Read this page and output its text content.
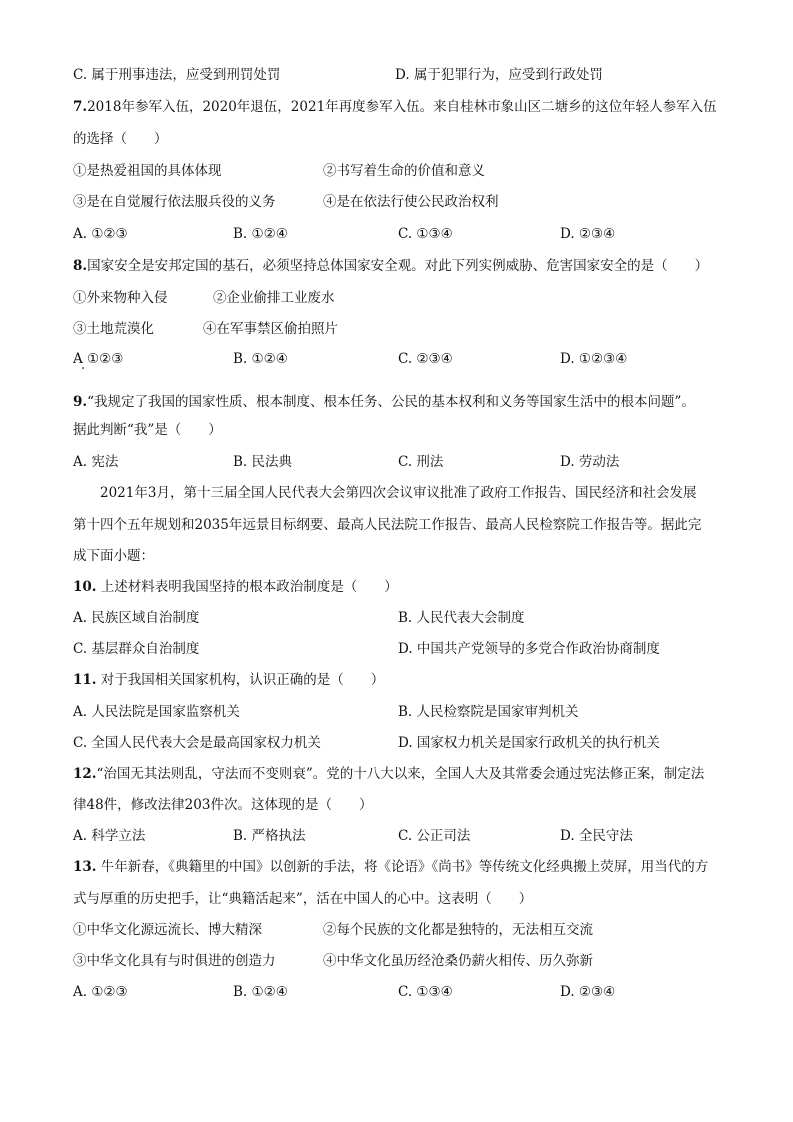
C. 属于刑事违法，应受到刑罚处罚	D. 属于犯罪行为，应受到行政处罚
7.2018年参军入伍，2020年退伍，2021年再度参军入伍。来自桂林市象山区二塘乡的这位年轻人参军入伍
的选择（　　）
①是热爱祖国的具体体现	②书写着生命的价值和意义
③是在自觉履行依法服兵役的义务	④是在依法行使公民政治权利
A. ①②③	B. ①②④	C. ①③④	D. ②③④
8.国家安全是安邦定国的基石，必须坚持总体国家安全观。对此下列实例威胁、危害国家安全的是（　　）
①外来物种入侵	②企业偷排工业废水
③土地荒漠化	④在军事禁区偷拍照片
A ①②③	B. ①②④	C. ②③④	D. ①②③④
9.“我规定了我国的国家性质、根本制度、根本任务、公民的基本权利和义务等国家生活中的根本问题”。
据此判断“我”是（　　）
A. 宪法	B. 民法典	C. 刑法	D. 劳动法
2021年3月，第十三届全国人民代表大会第四次会议审议批准了政府工作报告、国民经济和社会发展
第十四个五年规划和2035年远景目标纲要、最高人民法院工作报告、最高人民检察院工作报告等。据此完
成下面小题：
10. 上述材料表明我国坚持的根本政治制度是（　　）
A. 民族区域自治制度	B. 人民代表大会制度
C. 基层群众自治制度	D. 中国共产党领导的多党合作政治协商制度
11. 对于我国相关国家机构，认识正确的是（　　）
A. 人民法院是国家监察机关	B. 人民检察院是国家审判机关
C. 全国人民代表大会是最高国家权力机关	D. 国家权力机关是国家行政机关的执行机关
12.“治国无其法则乱，守法而不变则衰”。党的十八大以来，全国人大及其常委会通过宪法修正案，制定法
律48件，修改法律203件次。这体现的是（　　）
A. 科学立法	B. 严格执法	C. 公正司法	D. 全民守法
13. 牛年新春，《典籍里的中国》以创新的手法，将《论语》《尚书》等传统文化经典搬上荧屏，用当代的方
式与厚重的历史把手，让“典籍活起来”，活在中国人的心中。这表明（　　）
①中华文化源远流长、博大精深	②每个民族的文化都是独特的，无法相互交流
③中华文化具有与时俱进的创造力	④中华文化虽历经沧桑仍薪火相传、历久弥新
A. ①②③	B. ①②④	C. ①③④	D. ②③④
